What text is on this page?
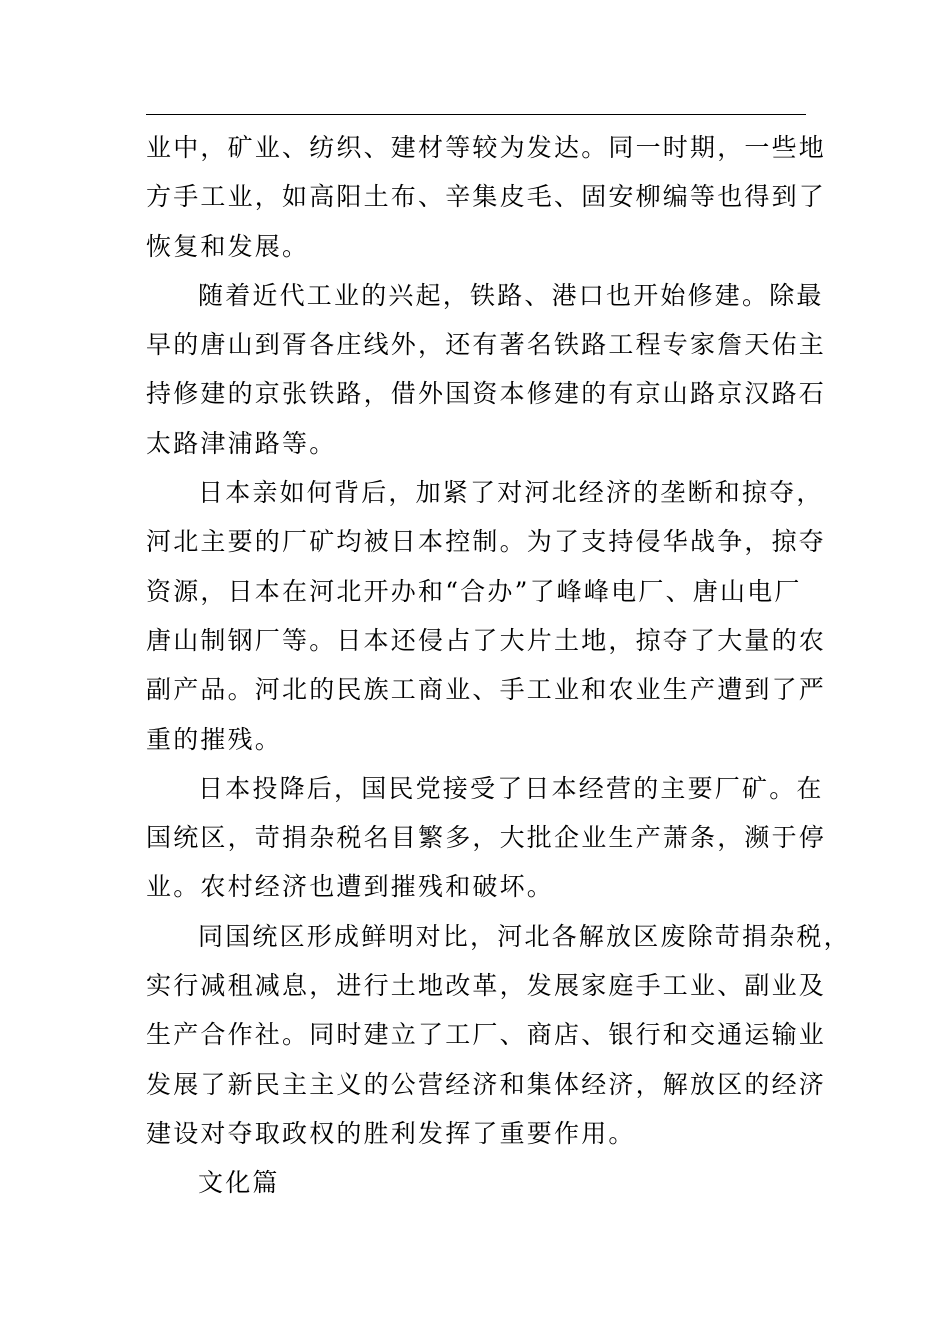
业中，矿业、纺织、建材等较为发达。同一时期，一些地
方手工业，如高阳土布、辛集皮毛、固安柳编等也得到了
恢复和发展。
随着近代工业的兴起，铁路、港口也开始修建。除最
早的唐山到胥各庄线外，还有著名铁路工程专家詹天佑主
持修建的京张铁路，借外国资本修建的有京山路京汉路石
太路津浦路等。
日本亲如何背后，加紧了对河北经济的垄断和掠夺，
河北主要的厂矿均被日本控制。为了支持侵华战争，掠夺
资源，日本在河北开办和“合办”了峰峰电厂、唐山电厂
唐山制钢厂等。日本还侵占了大片土地，掠夺了大量的农
副产品。河北的民族工商业、手工业和农业生产遭到了严
重的摧残。
日本投降后，国民党接受了日本经营的主要厂矿。在
国统区，苛捐杂税名目繁多，大批企业生产萧条，濒于停
业。农村经济也遭到摧残和破坏。
同国统区形成鲜明对比，河北各解放区废除苛捐杂税，
实行减租减息，进行土地改革，发展家庭手工业、副业及
生产合作社。同时建立了工厂、商店、银行和交通运输业
发展了新民主主义的公营经济和集体经济，解放区的经济
建设对夺取政权的胜利发挥了重要作用。
文化篇
